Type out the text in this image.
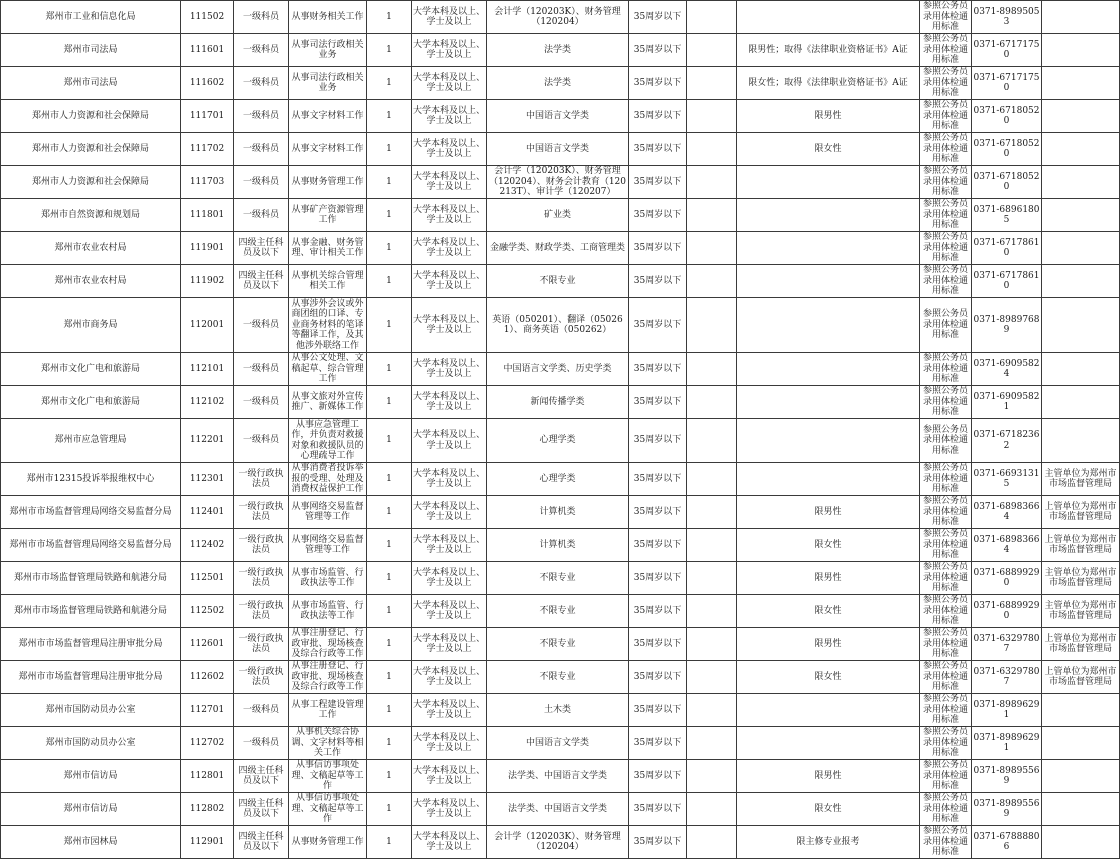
郑州市工业和信息化局	111502	一级科员	从事财务相关工作	1	大学本科及以上、学士及以上	会计学（120203K）、财务管理（120204）	35周岁以下			参照公务员录用体检通用标准	0371-89895053	
郑州市司法局	111601	一级科员	从事司法行政相关业务	1	大学本科及以上、学士及以上	法学类	35周岁以下		限男性；取得《法律职业资格证书》A证	参照公务员录用体检通用标准	0371-67171750	
郑州市司法局	111602	一级科员	从事司法行政相关业务	1	大学本科及以上、学士及以上	法学类	35周岁以下		限女性；取得《法律职业资格证书》A证	参照公务员录用体检通用标准	0371-67171750	
郑州市人力资源和社会保障局	111701	一级科员	从事文字材料工作	1	大学本科及以上、学士及以上	中国语言文学类	35周岁以下		限男性	参照公务员录用体检通用标准	0371-67180520	
郑州市人力资源和社会保障局	111702	一级科员	从事文字材料工作	1	大学本科及以上、学士及以上	中国语言文学类	35周岁以下		限女性	参照公务员录用体检通用标准	0371-67180520	
郑州市人力资源和社会保障局	111703	一级科员	从事财务管理工作	1	大学本科及以上、学士及以上	会计学（120203K）、财务管理（120204）、财务会计教育（120213T）、审计学（120207）	35周岁以下			参照公务员录用体检通用标准	0371-67180520	
郑州市自然资源和规划局	111801	一级科员	从事矿产资源管理工作	1	大学本科及以上、学士及以上	矿业类	35周岁以下			参照公务员录用体检通用标准	0371-68961805	
郑州市农业农村局	111901	四级主任科员及以下	从事金融、财务管理、审计相关工作	1	大学本科及以上、学士及以上	金融学类、财政学类、工商管理类	35周岁以下			参照公务员录用体检通用标准	0371-67178610	
郑州市农业农村局	111902	四级主任科员及以下	从事机关综合管理相关工作	1	大学本科及以上、学士及以上	不限专业	35周岁以下			参照公务员录用体检通用标准	0371-67178610	
郑州市商务局	112001	一级科员	从事涉外会议或外商团组的口译、专业商务材料的笔译等翻译工作，及其他涉外联络工作	1	大学本科及以上、学士及以上	英语（050201）、翻译（050261）、商务英语（050262）	35周岁以下			参照公务员录用体检通用标准	0371-89897689	
郑州市文化广电和旅游局	112101	一级科员	从事公文处理、文稿起草、综合管理工作	1	大学本科及以上、学士及以上	中国语言文学类、历史学类	35周岁以下			参照公务员录用体检通用标准	0371-69095824	
郑州市文化广电和旅游局	112102	一级科员	从事文旅对外宣传推广、新媒体工作	1	大学本科及以上、学士及以上	新闻传播学类	35周岁以下			参照公务员录用体检通用标准	0371-69095821	
郑州市应急管理局	112201	一级科员	从事应急管理工作，并负责对救援对象和救援队员的心理疏导工作	1	大学本科及以上、学士及以上	心理学类	35周岁以下			参照公务员录用体检通用标准	0371-67182362	
郑州市12315投诉举报维权中心	112301	一级行政执法员	从事消费者投诉举报的受理、处理及消费权益保护工作	1	大学本科及以上、学士及以上	心理学类	35周岁以下			参照公务员录用体检通用标准	0371-66931315	主管单位为郑州市市场监督管理局
郑州市市场监督管理局网络交易监督分局	112401	一级行政执法员	从事网络交易监督管理等工作	1	大学本科及以上、学士及以上	计算机类	35周岁以下		限男性	参照公务员录用体检通用标准	0371-68983664	上管单位为郑州市市场监督管理局
郑州市市场监督管理局网络交易监督分局	112402	一级行政执法员	从事网络交易监督管理等工作	1	大学本科及以上、学士及以上	计算机类	35周岁以下		限女性	参照公务员录用体检通用标准	0371-68983664	上管单位为郑州市市场监督管理局
郑州市市场监督管理局铁路和航港分局	112501	一级行政执法员	从事市场监管、行政执法等工作	1	大学本科及以上、学士及以上	不限专业	35周岁以下		限男性	参照公务员录用体检通用标准	0371-68899290	主管单位为郑州市市场监督管理局
郑州市市场监督管理局铁路和航港分局	112502	一级行政执法员	从事市场监管、行政执法等工作	1	大学本科及以上、学士及以上	不限专业	35周岁以下		限女性	参照公务员录用体检通用标准	0371-68899290	主管单位为郑州市市场监督管理局
郑州市市场监督管理局注册审批分局	112601	一级行政执法员	从事注册登记、行政审批、现场核查及综合行政等工作	1	大学本科及以上、学士及以上	不限专业	35周岁以下		限男性	参照公务员录用体检通用标准	0371-63297807	上管单位为郑州市市场监督管理局
郑州市市场监督管理局注册审批分局	112602	一级行政执法员	从事注册登记、行政审批、现场核查及综合行政等工作	1	大学本科及以上、学士及以上	不限专业	35周岁以下		限女性	参照公务员录用体检通用标准	0371-63297807	上管单位为郑州市市场监督管理局
郑州市国防动员办公室	112701	一级科员	从事工程建设管理工作	1	大学本科及以上、学士及以上	土木类	35周岁以下			参照公务员录用体检通用标准	0371-89896291	
郑州市国防动员办公室	112702	一级科员	从事机关综合协调、文字材料等相关工作	1	大学本科及以上、学士及以上	中国语言文学类	35周岁以下			参照公务员录用体检通用标准	0371-89896291	
郑州市信访局	112801	四级主任科员及以下	从事信访事项处理、文稿起草等工作	1	大学本科及以上、学士及以上	法学类、中国语言文学类	35周岁以下		限男性	参照公务员录用体检通用标准	0371-89895569	
郑州市信访局	112802	四级主任科员及以下	从事信访事项处理、文稿起草等工作	1	大学本科及以上、学士及以上	法学类、中国语言文学类	35周岁以下		限女性	参照公务员录用体检通用标准	0371-89895569	
郑州市园林局	112901	四级主任科员及以下	从事财务管理工作	1	大学本科及以上、学士及以上	会计学（120203K）、财务管理（120204）	35周岁以下		限主修专业报考	参照公务员录用体检通用标准	0371-67888806	
